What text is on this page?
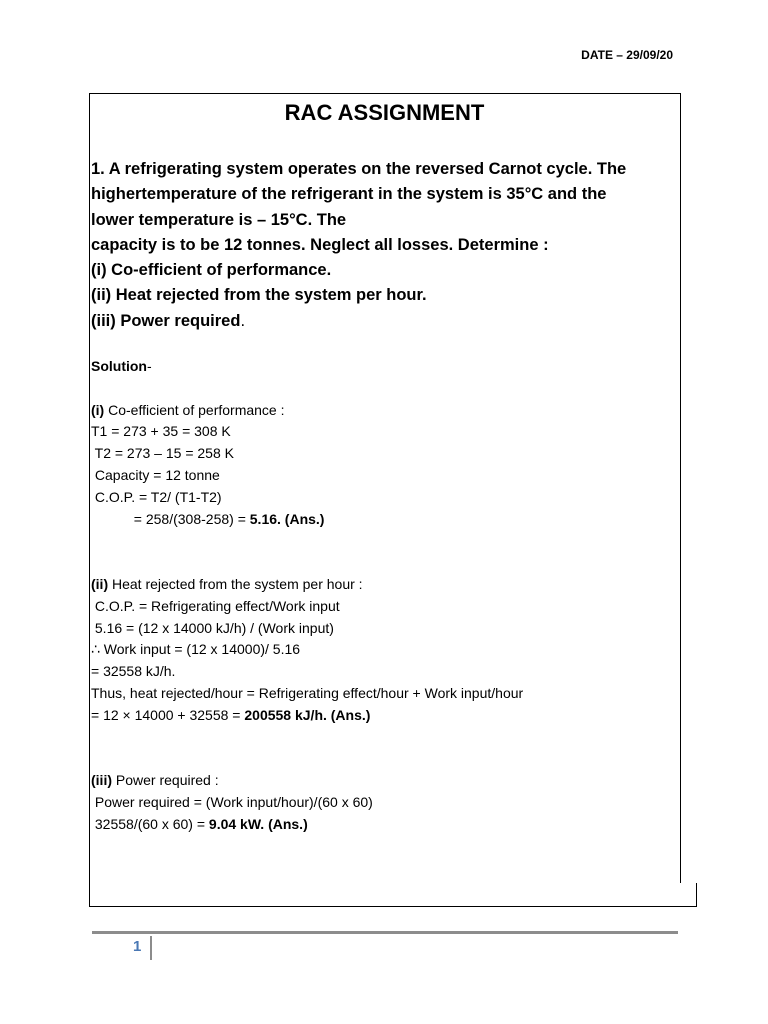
DATE – 29/09/20
RAC ASSIGNMENT
1. A refrigerating system operates on the reversed Carnot cycle. The
highertemperature of the refrigerant in the system is 35°C and the
lower temperature is – 15°C. The
capacity is to be 12 tonnes. Neglect all losses. Determine :
(i) Co-efficient of performance.
(ii) Heat rejected from the system per hour.
(iii) Power required.
Solution-
(i) Co-efficient of performance :
T1 = 273 + 35 = 308 K
T2 = 273 – 15 = 258 K
Capacity = 12 tonne
C.O.P. = T2/ (T1-T2)
= 258/(308-258) = 5.16. (Ans.)
(ii) Heat rejected from the system per hour :
C.O.P. = Refrigerating effect/Work input
5.16 = (12 x 14000 kJ/h) / (Work input)
∴ Work input = (12 x 14000)/ 5.16
= 32558 kJ/h.
Thus, heat rejected/hour = Refrigerating effect/hour + Work input/hour
= 12 × 14000 + 32558 = 200558 kJ/h. (Ans.)
(iii) Power required :
Power required = (Work input/hour)/(60 x 60)
32558/(60 x 60) = 9.04 kW. (Ans.)
1
